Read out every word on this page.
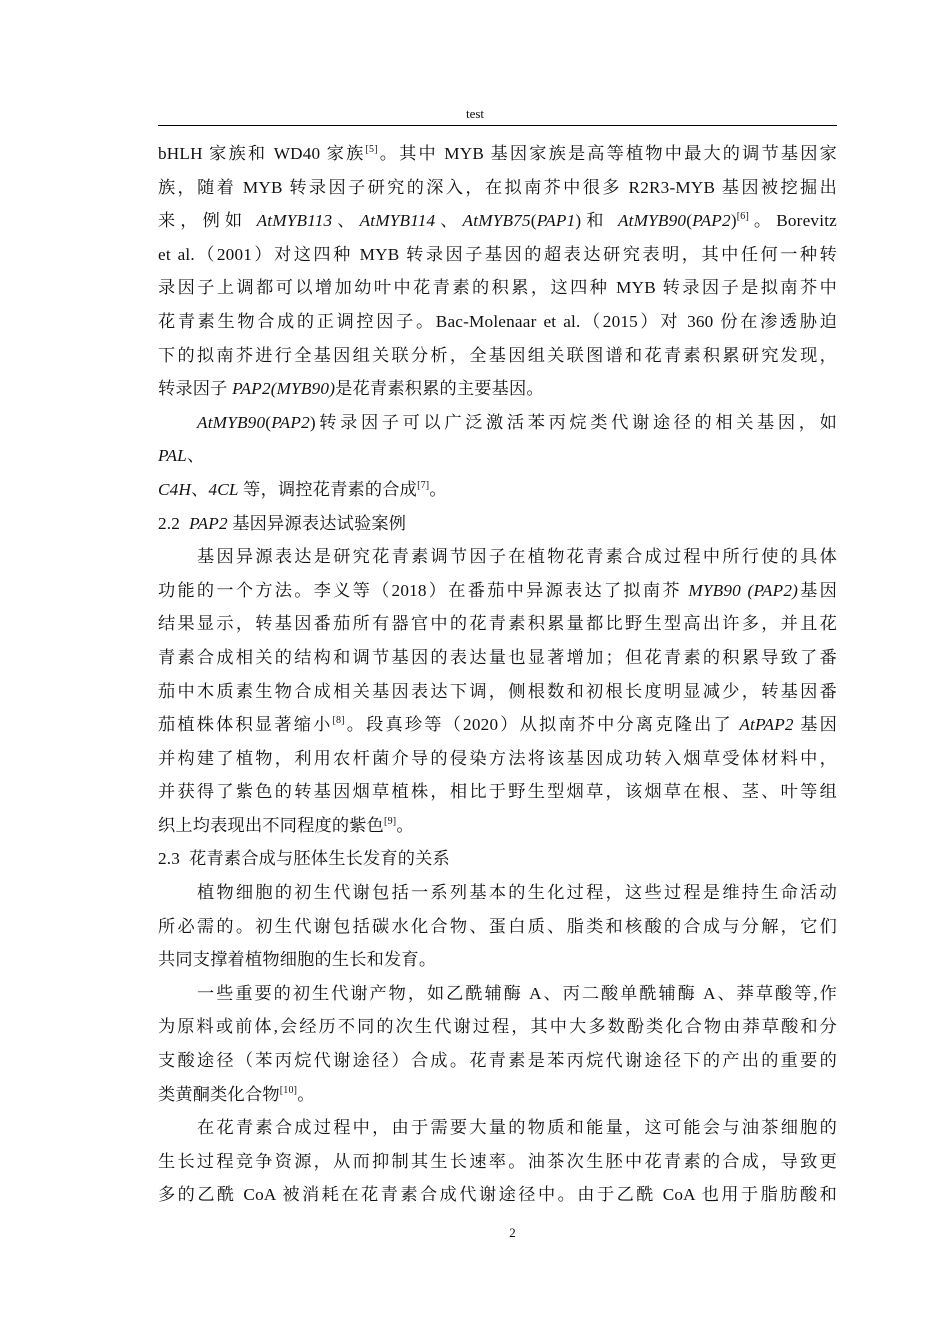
test

bHLH 家族和 WD40 家族[5]。其中 MYB 基因家族是高等植物中最大的调节基因家

族，随着 MYB 转录因子研究的深入，在拟南芥中很多 R2R3-MYB 基因被挖掘出

来，例如 AtMYB113、AtMYB114、AtMYB75(PAP1)和 AtMYB90(PAP2)[6]。Borevitz

et al.（2001）对这四种 MYB 转录因子基因的超表达研究表明，其中任何一种转

录因子上调都可以增加幼叶中花青素的积累，这四种 MYB 转录因子是拟南芥中

花青素生物合成的正调控因子。Bac-Molenaar et al.（2015）对 360 份在渗透胁迫

下的拟南芥进行全基因组关联分析，全基因组关联图谱和花青素积累研究发现，

转录因子 PAP2(MYB90)是花青素积累的主要基因。

AtMYB90(PAP2)转录因子可以广泛激活苯丙烷类代谢途径的相关基因，如

PAL、

C4H、4CL 等，调控花青素的合成[7]。

2.2 PAP2 基因异源表达试验案例

基因异源表达是研究花青素调节因子在植物花青素合成过程中所行使的具体

功能的一个方法。李义等（2018）在番茄中异源表达了拟南芥 MYB90 (PAP2)基因

结果显示，转基因番茄所有器官中的花青素积累量都比野生型高出许多，并且花

青素合成相关的结构和调节基因的表达量也显著增加；但花青素的积累导致了番

茄中木质素生物合成相关基因表达下调，侧根数和初根长度明显减少，转基因番

茄植株体积显著缩小[8]。段真珍等（2020）从拟南芥中分离克隆出了 AtPAP2 基因

并构建了植物，利用农杆菌介导的侵染方法将该基因成功转入烟草受体材料中，

并获得了紫色的转基因烟草植株，相比于野生型烟草，该烟草在根、茎、叶等组

织上均表现出不同程度的紫色[9]。

2.3 花青素合成与胚体生长发育的关系

植物细胞的初生代谢包括一系列基本的生化过程，这些过程是维持生命活动

所必需的。初生代谢包括碳水化合物、蛋白质、脂类和核酸的合成与分解，它们

共同支撑着植物细胞的生长和发育。

一些重要的初生代谢产物，如乙酰辅酶 A、丙二酸单酰辅酶 A、莽草酸等,作

为原料或前体,会经历不同的次生代谢过程，其中大多数酚类化合物由莽草酸和分

支酸途径（苯丙烷代谢途径）合成。花青素是苯丙烷代谢途径下的产出的重要的

类黄酮类化合物[10]。

在花青素合成过程中，由于需要大量的物质和能量，这可能会与油茶细胞的

生长过程竞争资源，从而抑制其生长速率。油茶次生胚中花青素的合成，导致更

多的乙酰 CoA 被消耗在花青素合成代谢途径中。由于乙酰 CoA 也用于脂肪酸和

2
